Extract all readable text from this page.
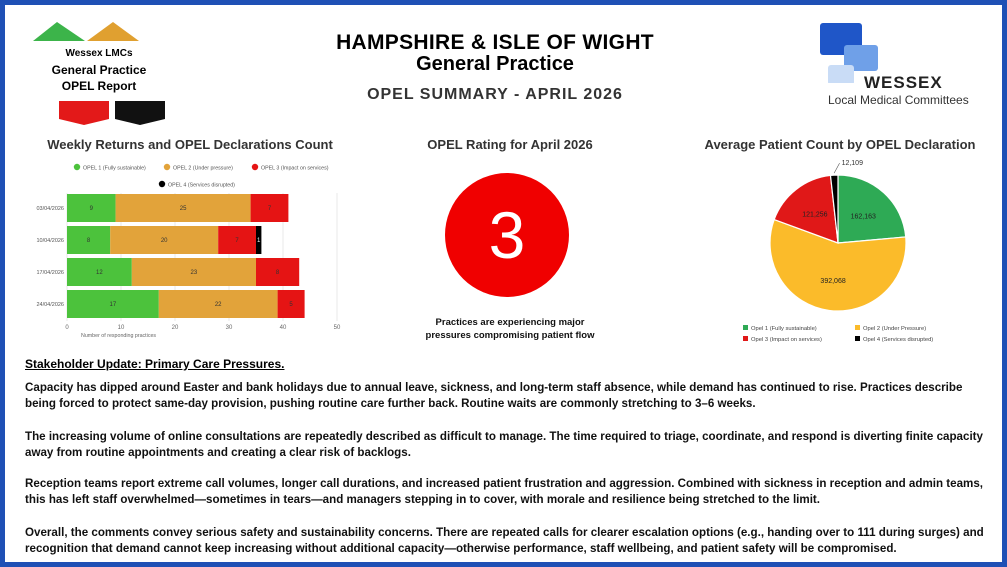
Wessex LMCs
General Practice
OPEL Report
HAMPSHIRE & ISLE OF WIGHT
General Practice
OPEL SUMMARY - APRIL 2026
WESSEX
Local Medical Committees
Weekly Returns and OPEL Declarations Count	OPEL Rating for April 2026	Average Patient Count by OPEL Declaration
OPEL 1 (Fully sustainable)	OPEL 2 (Under pressure)	OPEL 3 (Impact on services)
OPEL 4 (Services disrupted)
0	10	20	30	40	50
Number of responding practices
03/04/2026	9	25	7
10/04/2026	8	20	7	1
17/04/2026	12	23	8
24/04/2026	17	22	5
3
Practices are experiencing major
pressures compromising patient flow
162,163
392,068
121,256
12,109
Opel 1 (Fully sustainable)	Opel 2 (Under Pressure)
Opel 3 (Impact on services)	Opel 4 (Services disrupted)
Stakeholder Update: Primary Care Pressures.
Capacity has dipped around Easter and bank holidays due to annual leave, sickness, and long-term staff absence, while demand has continued to rise. Practices describe being forced to protect same-day provision, pushing routine care further back. Routine waits are commonly stretching to 3–6 weeks.
The increasing volume of online consultations are repeatedly described as difficult to manage. The time required to triage, coordinate, and respond is diverting finite capacity away from routine appointments and creating a clear risk of backlogs.
Reception teams report extreme call volumes, longer call durations, and increased patient frustration and aggression. Combined with sickness in reception and admin teams, this has left staff overwhelmed—sometimes in tears—and managers stepping in to cover, with morale and resilience being stretched to the limit.
Overall, the comments convey serious safety and sustainability concerns. There are repeated calls for clearer escalation options (e.g., handing over to 111 during surges) and recognition that demand cannot keep increasing without additional capacity—otherwise performance, staff wellbeing, and patient safety will be compromised.
